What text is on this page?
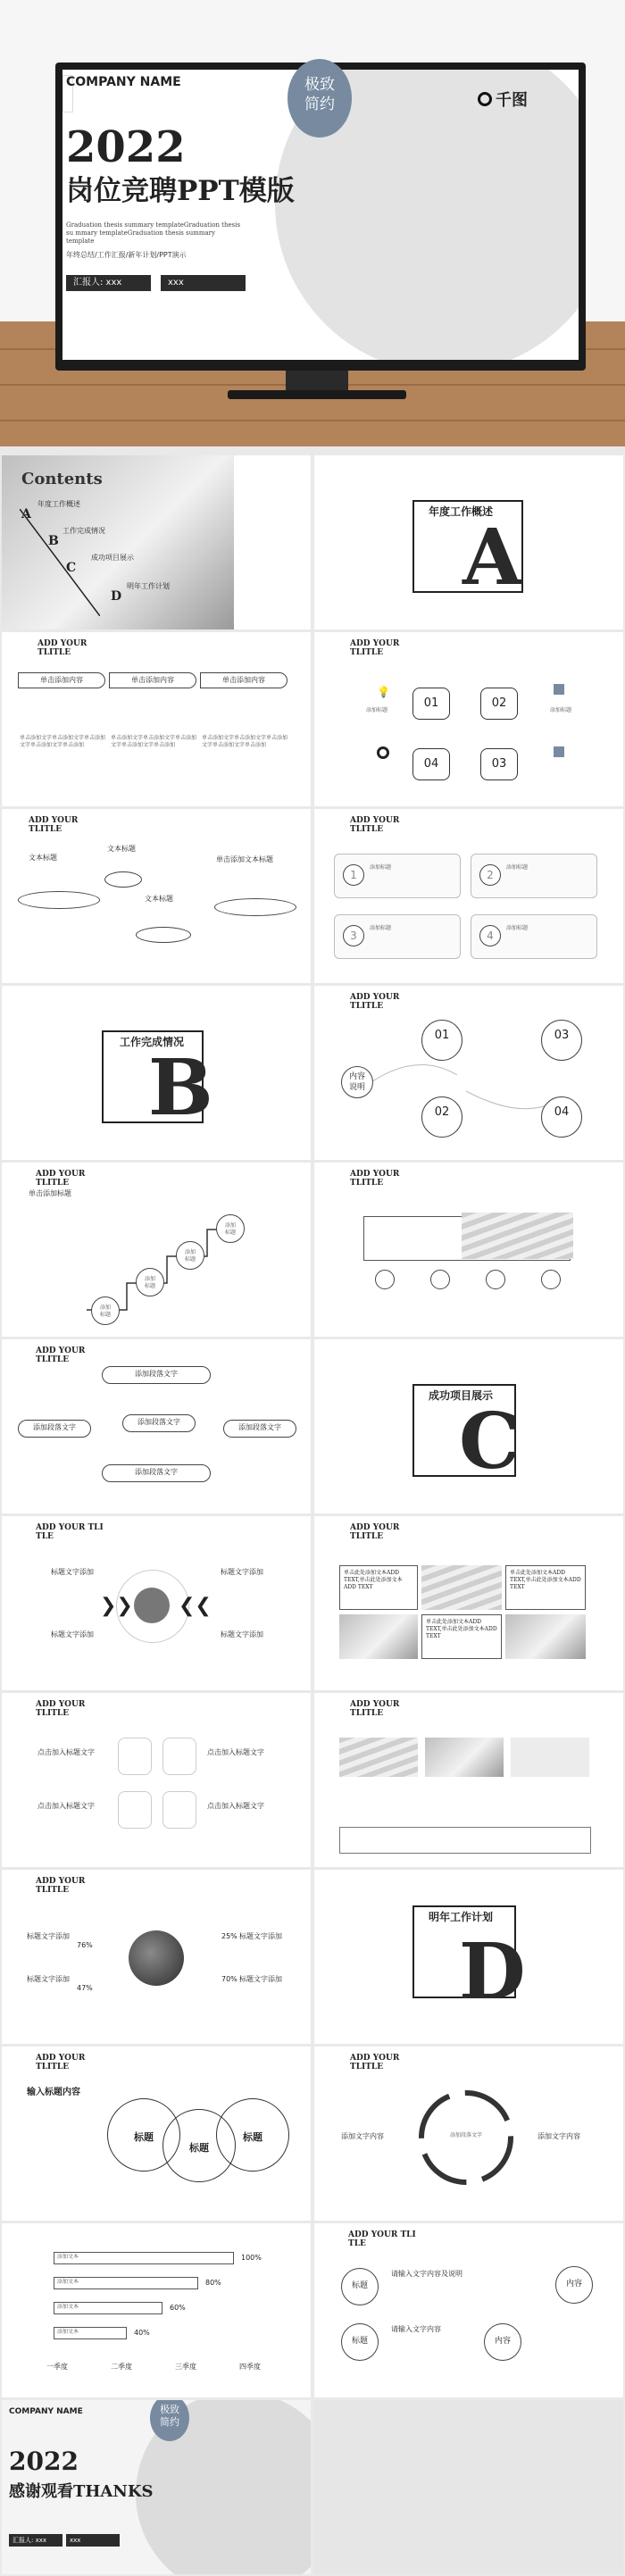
COMPANY NAME
2022
岗位竞聘PPT模版
Graduation thesis summary templateGraduation thesis su mmary templateGraduation thesis summary template
年终总结/工作汇报/新年计划/PPT演示
汇报人: xxx	xxx
极致
简约	千图
Contents
A
B
C
D
年度工作概述
工作完成情况
成功项目展示
明年工作计划
年度工作概述
A
ADD YOUR
TLITLE
单击添加内容	单击添加内容	单击添加内容
单击添加文字单击添加文字单击添加文字单击添加文字单击添加
单击添加文字单击添加文字单击添加文字单击添加文字单击添加
单击添加文字单击添加文字单击添加文字单击添加文字单击添加
ADD YOUR
TLITLE
01	02
04	03
💡
添加标题	添加标题
ADD YOUR
TLITLE
文本标题
文本标题
单击添加文本标题
文本标题
ADD YOUR
TLITLE
1	2
3	4
添加标题	添加标题
添加标题	添加标题
工作完成情况
B
ADD YOUR
TLITLE
内容
说明
01	03
02	04
ADD YOUR
TLITLE
单击添加标题
添加
标题
添加
标题
添加
标题
添加
标题
ADD YOUR
TLITLE
ADD YOUR
TLITLE
添加段落文字
添加段落文字
添加段落文字
添加段落文字
添加段落文字
成功项目展示
C
ADD YOUR TLI
TLE
❯❯ ❮❮
标题文字添加	标题文字添加
标题文字添加	标题文字添加
ADD YOUR
TLITLE
单击此处添加文本ADD TEXT,单击此处添加文本ADD TEXT
单击此处添加文本ADD TEXT,单击此处添加文本ADD TEXT
单击此处添加文本ADD TEXT,单击此处添加文本ADD TEXT
ADD YOUR
TLITLE
点击加入标题文字	点击加入标题文字
点击加入标题文字	点击加入标题文字
ADD YOUR
TLITLE
ADD YOUR
TLITLE
标题文字添加
76%
25% 标题文字添加
标题文字添加
47%
70% 标题文字添加
明年工作计划
D
ADD YOUR
TLITLE
输入标题内容
标题
标题
标题
ADD YOUR
TLITLE
添加段落文字
添加文字内容	添加文字内容
添加文本
添加文本
添加文本
添加文本
100%
80%
60%
40%
一季度	二季度	三季度	四季度
ADD YOUR TLI
TLE
标题	内容
标题	内容
请输入文字内容及说明
请输入文字内容
COMPANY NAME
2022
感谢观看THANKS
汇报人: xxx	xxx
极致
简约
